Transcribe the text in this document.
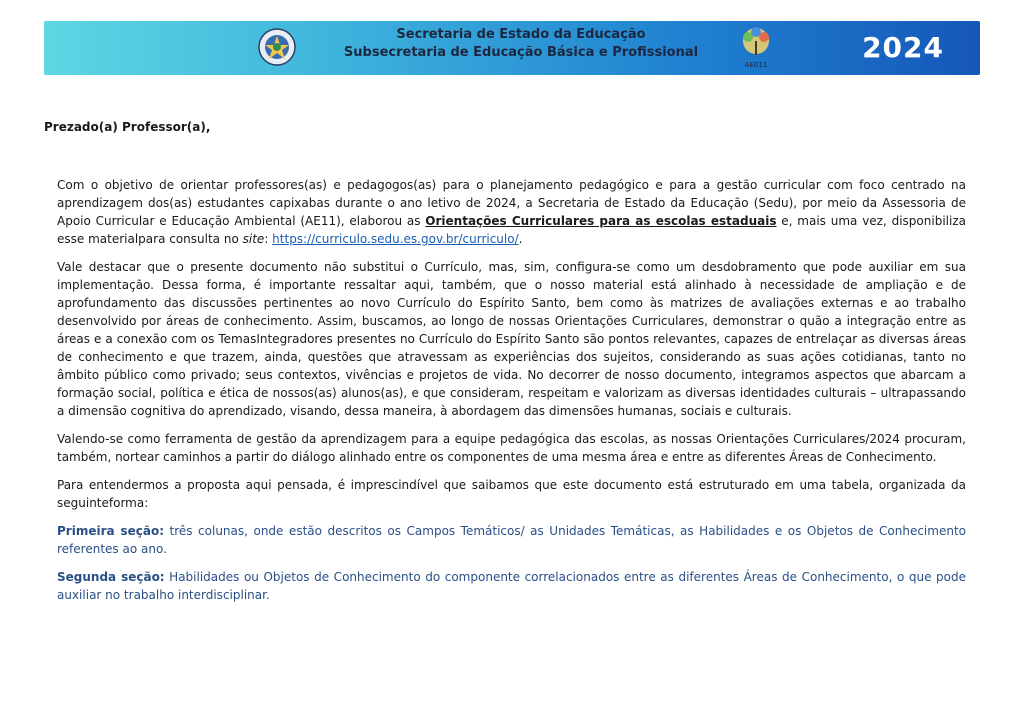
Secretaria de Estado da Educação
Subsecretaria de Educação Básica e Profissional
AE011
2024
Prezado(a) Professor(a),

Com o objetivo de orientar professores(as) e pedagogos(as) para o planejamento pedagógico e para a gestão curricular com foco centrado na aprendizagem dos(as) estudantes capixabas durante o ano letivo de 2024, a Secretaria de Estado da Educação (Sedu), por meio da Assessoria de Apoio Curricular e Educação Ambiental (AE11), elaborou as Orientações Curriculares para as escolas estaduais e, mais uma vez, disponibiliza esse materialpara consulta no site: https://curriculo.sedu.es.gov.br/curriculo/.

Vale destacar que o presente documento não substitui o Currículo, mas, sim, configura-se como um desdobramento que pode auxiliar em sua implementação. Dessa forma, é importante ressaltar aqui, também, que o nosso material está alinhado à necessidade de ampliação e de aprofundamento das discussões pertinentes ao novo Currículo do Espírito Santo, bem como às matrizes de avaliações externas e ao trabalho desenvolvido por áreas de conhecimento. Assim, buscamos, ao longo de nossas Orientações Curriculares, demonstrar o quão a integração entre as áreas e a conexão com os TemasIntegradores presentes no Currículo do Espírito Santo são pontos relevantes, capazes de entrelaçar as diversas áreas de conhecimento e que trazem, ainda, questões que atravessam as experiências dos sujeitos, considerando as suas ações cotidianas, tanto no âmbito público como privado; seus contextos, vivências e projetos de vida. No decorrer de nosso documento, integramos aspectos que abarcam a formação social, política e ética de nossos(as) alunos(as), e que consideram, respeitam e valorizam as diversas identidades culturais – ultrapassando a dimensão cognitiva do aprendizado, visando, dessa maneira, à abordagem das dimensões humanas, sociais e culturais.

Valendo-se como ferramenta de gestão da aprendizagem para a equipe pedagógica das escolas, as nossas Orientações Curriculares/2024 procuram, também, nortear caminhos a partir do diálogo alinhado entre os componentes de uma mesma área e entre as diferentes Áreas de Conhecimento.

Para entendermos a proposta aqui pensada, é imprescindível que saibamos que este documento está estruturado em uma tabela, organizada da seguinteforma:

Primeira seção: três colunas, onde estão descritos os Campos Temáticos/ as Unidades Temáticas, as Habilidades e os Objetos de Conhecimento referentes ao ano.

Segunda seção: Habilidades ou Objetos de Conhecimento do componente correlacionados entre as diferentes Áreas de Conhecimento, o que pode auxiliar no trabalho interdisciplinar.
